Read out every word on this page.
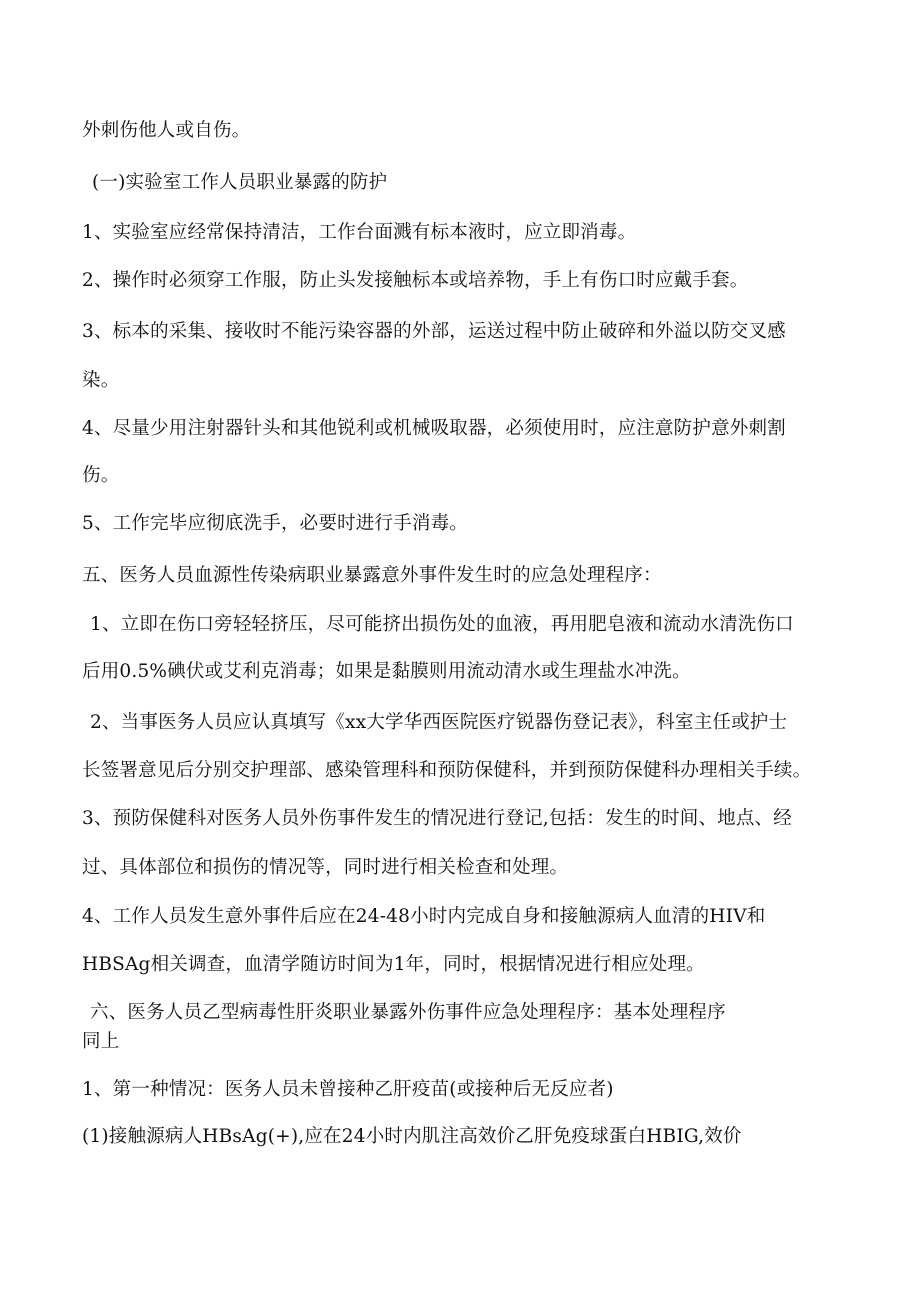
外刺伤他人或自伤。
(一)实验室工作人员职业暴露的防护
1、实验室应经常保持清洁，工作台面溅有标本液时，应立即消毒。
2、操作时必须穿工作服，防止头发接触标本或培养物，手上有伤口时应戴手套。
3、标本的采集、接收时不能污染容器的外部，运送过程中防止破碎和外溢以防交叉感
染。
4、尽量少用注射器针头和其他锐利或机械吸取器，必须使用时，应注意防护意外刺割
伤。
5、工作完毕应彻底洗手，必要时进行手消毒。
五、医务人员血源性传染病职业暴露意外事件发生时的应急处理程序：
1、立即在伤口旁轻轻挤压，尽可能挤出损伤处的血液，再用肥皂液和流动水清洗伤口
后用0.5%碘伏或艾利克消毒；如果是黏膜则用流动清水或生理盐水冲洗。
2、当事医务人员应认真填写《xx大学华西医院医疗锐器伤登记表》，科室主任或护士
长签署意见后分别交护理部、感染管理科和预防保健科，并到预防保健科办理相关手续。
3、预防保健科对医务人员外伤事件发生的情况进行登记,包括：发生的时间、地点、经
过、具体部位和损伤的情况等，同时进行相关检查和处理。
4、工作人员发生意外事件后应在24-48小时内完成自身和接触源病人血清的HIV和
HBSAg相关调查，血清学随访时间为1年，同时，根据情况进行相应处理。
六、医务人员乙型病毒性肝炎职业暴露外伤事件应急处理程序：基本处理程序
同上
1、第一种情况：医务人员未曾接种乙肝疫苗(或接种后无反应者)
(1)接触源病人HBsAg(+),应在24小时内肌注高效价乙肝免疫球蛋白HBIG,效价
